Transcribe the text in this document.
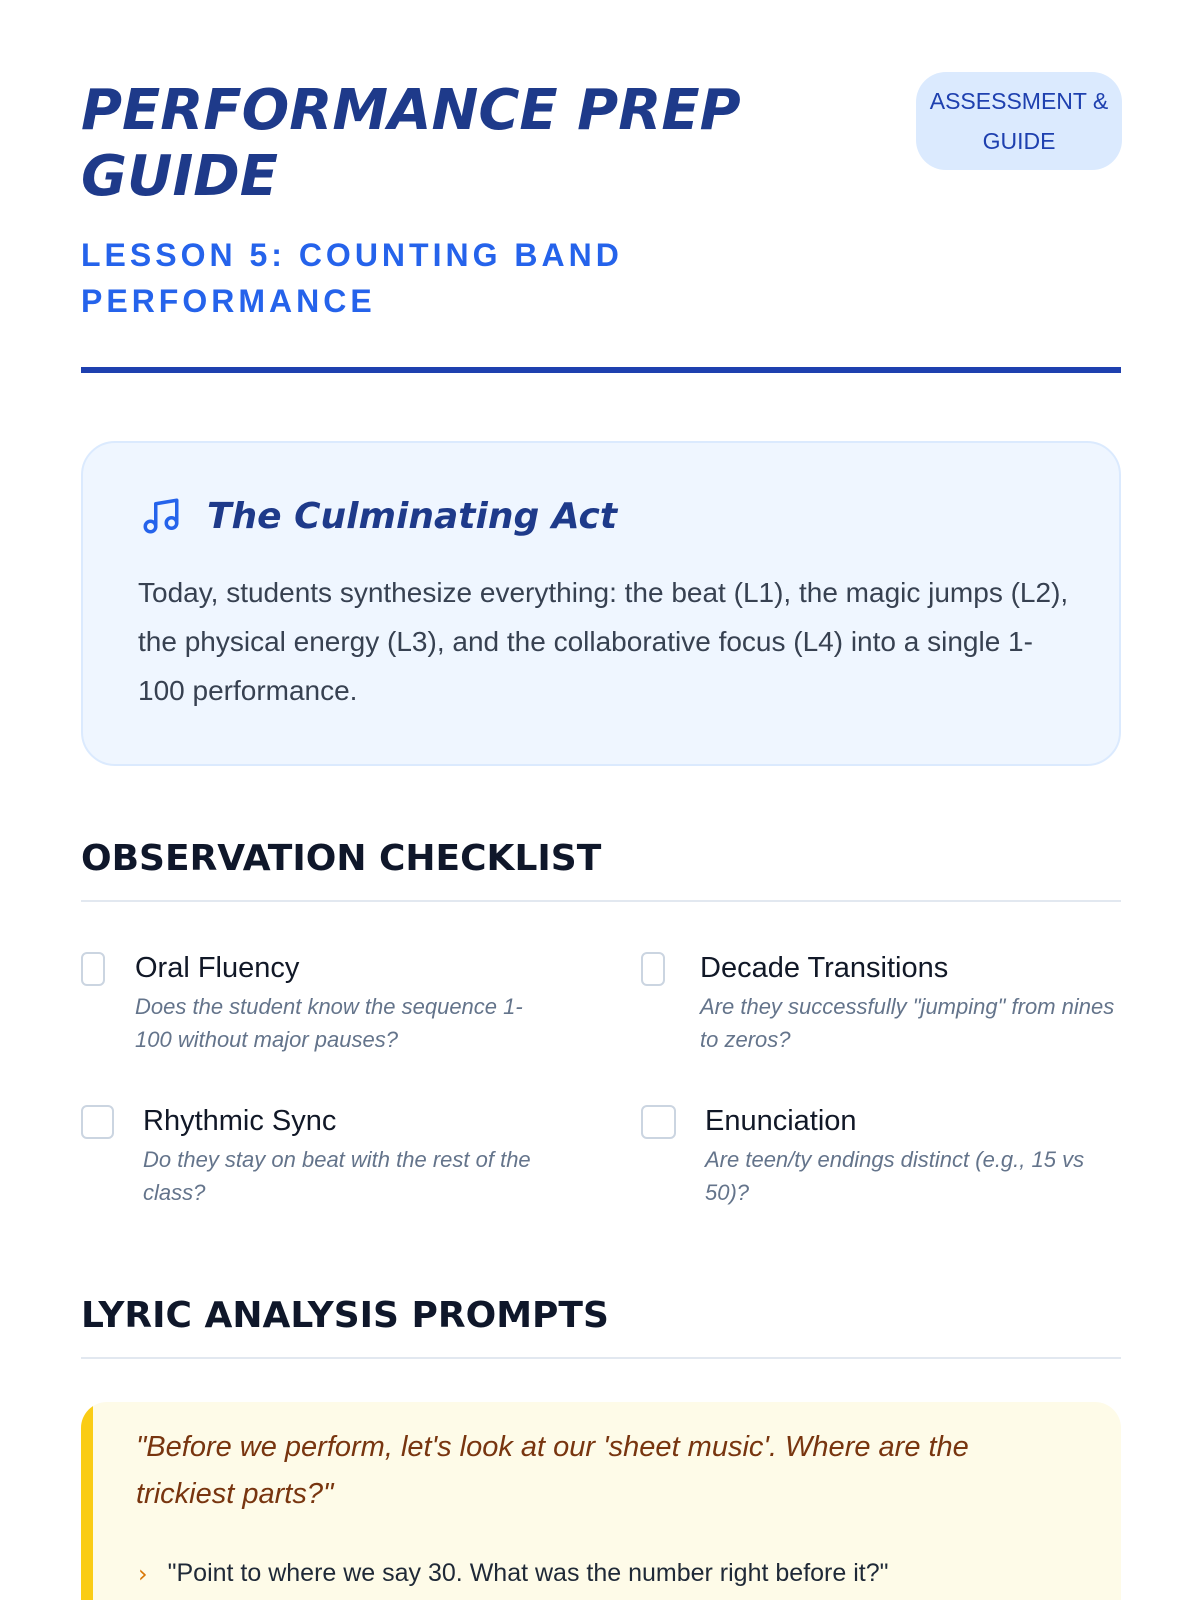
PERFORMANCE PREP GUIDE
LESSON 5: COUNTING BAND PERFORMANCE
ASSESSMENT & GUIDE
The Culminating Act
Today, students synthesize everything: the beat (L1), the magic jumps (L2), the physical energy (L3), and the collaborative focus (L4) into a single 1-100 performance.
OBSERVATION CHECKLIST
Oral Fluency
Does the student know the sequence 1-100 without major pauses?
Decade Transitions
Are they successfully "jumping" from nines to zeros?
Rhythmic Sync
Do they stay on beat with the rest of the class?
Enunciation
Are teen/ty endings distinct (e.g., 15 vs 50)?
LYRIC ANALYSIS PROMPTS
"Before we perform, let's look at our 'sheet music'. Where are the trickiest parts?"
› "Point to where we say 30. What was the number right before it?"
